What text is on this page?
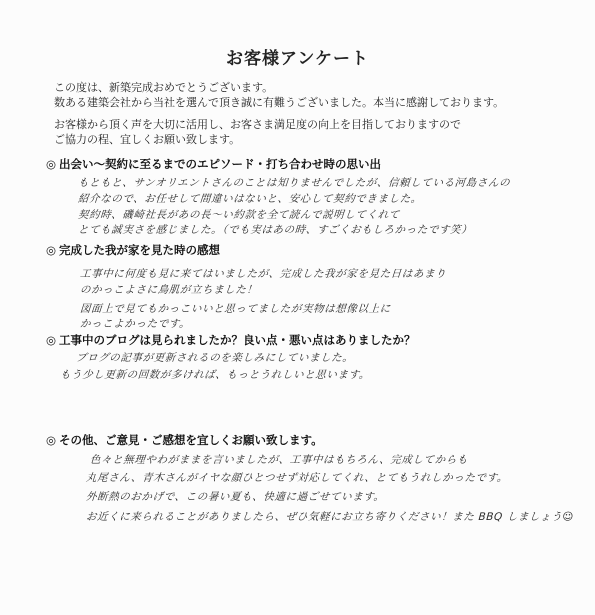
お客様アンケート
この度は、新築完成おめでとうございます。
数ある建築会社から当社を選んで頂き誠に有難うございました。本当に感謝しております。
お客様から頂く声を大切に活用し、お客さま満足度の向上を目指しておりますので
ご協力の程、宜しくお願い致します。
◎ 出会い～契約に至るまでのエピソード・打ち合わせ時の思い出
もともと、サンオリエントさんのことは知りませんでしたが、信頼している河島さんの
紹介なので、お任せして間違いはないと、安心して契約できました。
契約時、磯崎社長があの長～い約款を全て読んで説明してくれて
とても誠実さを感じました。（でも実はあの時、すごくおもしろかったです笑）
◎ 完成した我が家を見た時の感想
工事中に何度も見に来てはいましたが、完成した我が家を見た日はあまり
のかっこよさに鳥肌が立ちました！
図面上で見てもかっこいいと思ってましたが実物は想像以上に
かっこよかったです。
◎ 工事中のブログは見られましたか？良い点・悪い点はありましたか？
ブログの記事が更新されるのを楽しみにしていました。
もう少し更新の回数が多ければ、もっとうれしいと思います。
◎ その他、ご意見・ご感想を宜しくお願い致します。
色々と無理やわがままを言いましたが、工事中はもちろん、完成してからも
丸尾さん、青木さんがイヤな顔ひとつせず対応してくれ、とてもうれしかったです。
外断熱のおかげで、この暑い夏も、快適に過ごせています。
お近くに来られることがありましたら、ぜひ気軽にお立ち寄りください！また BBQ しましょう☺
